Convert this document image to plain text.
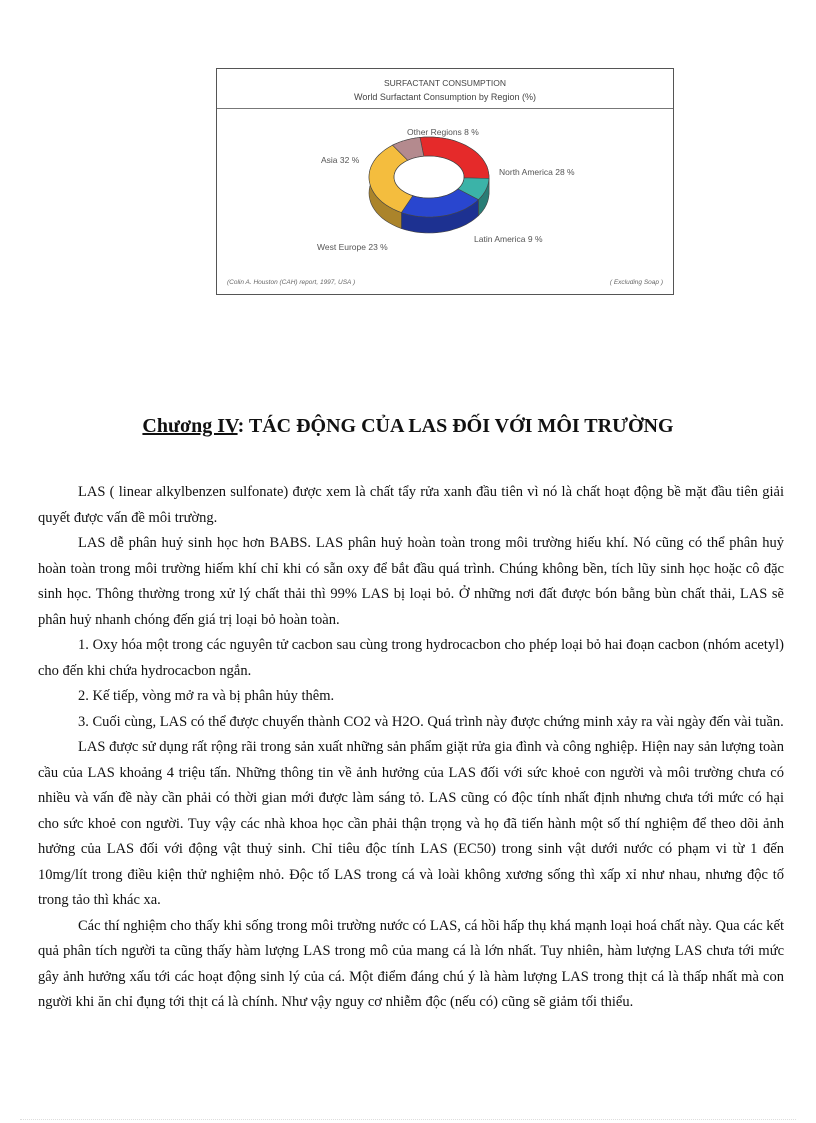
SURFACTANT CONSUMPTION
World Surfactant Consumption by Region (%)
North America 28 %
Latin America 9 %
West Europe 23 %
Asia 32 %
Other Regions 8 %
(Colin A. Houston (CAH) report, 1997, USA )	( Excluding Soap )
Chương IV: TÁC ĐỘNG CỦA LAS ĐỐI VỚI MÔI TRƯỜNG

LAS ( linear alkylbenzen sulfonate) được xem là chất tẩy rửa xanh đầu tiên vì nó là chất hoạt động bề mặt đầu tiên giải quyết được vấn đề môi trường.

LAS dễ phân huỷ sinh học hơn BABS. LAS phân huỷ hoàn toàn trong môi trường hiếu khí. Nó cũng có thể phân huỷ hoàn toàn trong môi trường hiếm khí chỉ khi có sẵn oxy để bắt đầu quá trình. Chúng không bền, tích lũy sinh học hoặc cô đặc sinh học. Thông thường trong xử lý chất thải thì 99% LAS bị loại bỏ. Ở những nơi đất được bón bằng bùn chất thải, LAS sẽ phân huỷ nhanh chóng đến giá trị loại bỏ hoàn toàn.

1. Oxy hóa một trong các nguyên tử cacbon sau cùng trong hydrocacbon cho phép loại bỏ hai đoạn cacbon (nhóm acetyl) cho đến khi chứa hydrocacbon ngắn.

2. Kế tiếp, vòng mở ra và bị phân hủy thêm.

3. Cuối cùng, LAS có thể được chuyển thành CO2 và H2O. Quá trình này được chứng minh xảy ra vài ngày đến vài tuần.

LAS được sử dụng rất rộng rãi trong sản xuất những sản phẩm giặt rửa gia đình và công nghiệp. Hiện nay sản lượng toàn cầu của LAS khoảng 4 triệu tấn. Những thông tin về ảnh hưởng của LAS đối với sức khoẻ con người và môi trường chưa có nhiều và vấn đề này cần phải có thời gian mới được làm sáng tỏ. LAS cũng có độc tính nhất định nhưng chưa tới mức có hại cho sức khoẻ con người. Tuy vậy các nhà khoa học cần phải thận trọng và họ đã tiến hành một số thí nghiệm để theo dõi ảnh hưởng của LAS đối với động vật thuỷ sinh. Chỉ tiêu độc tính LAS (EC50) trong sinh vật dưới nước có phạm vi từ 1 đến 10mg/lít trong điều kiện thử nghiệm nhỏ. Độc tố LAS trong cá và loài không xương sống thì xấp xỉ như nhau, nhưng độc tố trong tảo thì khác xa.

Các thí nghiệm cho thấy khi sống trong môi trường nước có LAS, cá hồi hấp thụ khá mạnh loại hoá chất này. Qua các kết quả phân tích người ta cũng thấy hàm lượng LAS trong mô của mang cá là lớn nhất. Tuy nhiên, hàm lượng LAS chưa tới mức gây ảnh hưởng xấu tới các hoạt động sinh lý của cá. Một điểm đáng chú ý là hàm lượng LAS trong thịt cá là thấp nhất mà con người khi ăn chỉ đụng tới thịt cá là chính. Như vậy nguy cơ nhiễm độc (nếu có) cũng sẽ giảm tối thiểu.
